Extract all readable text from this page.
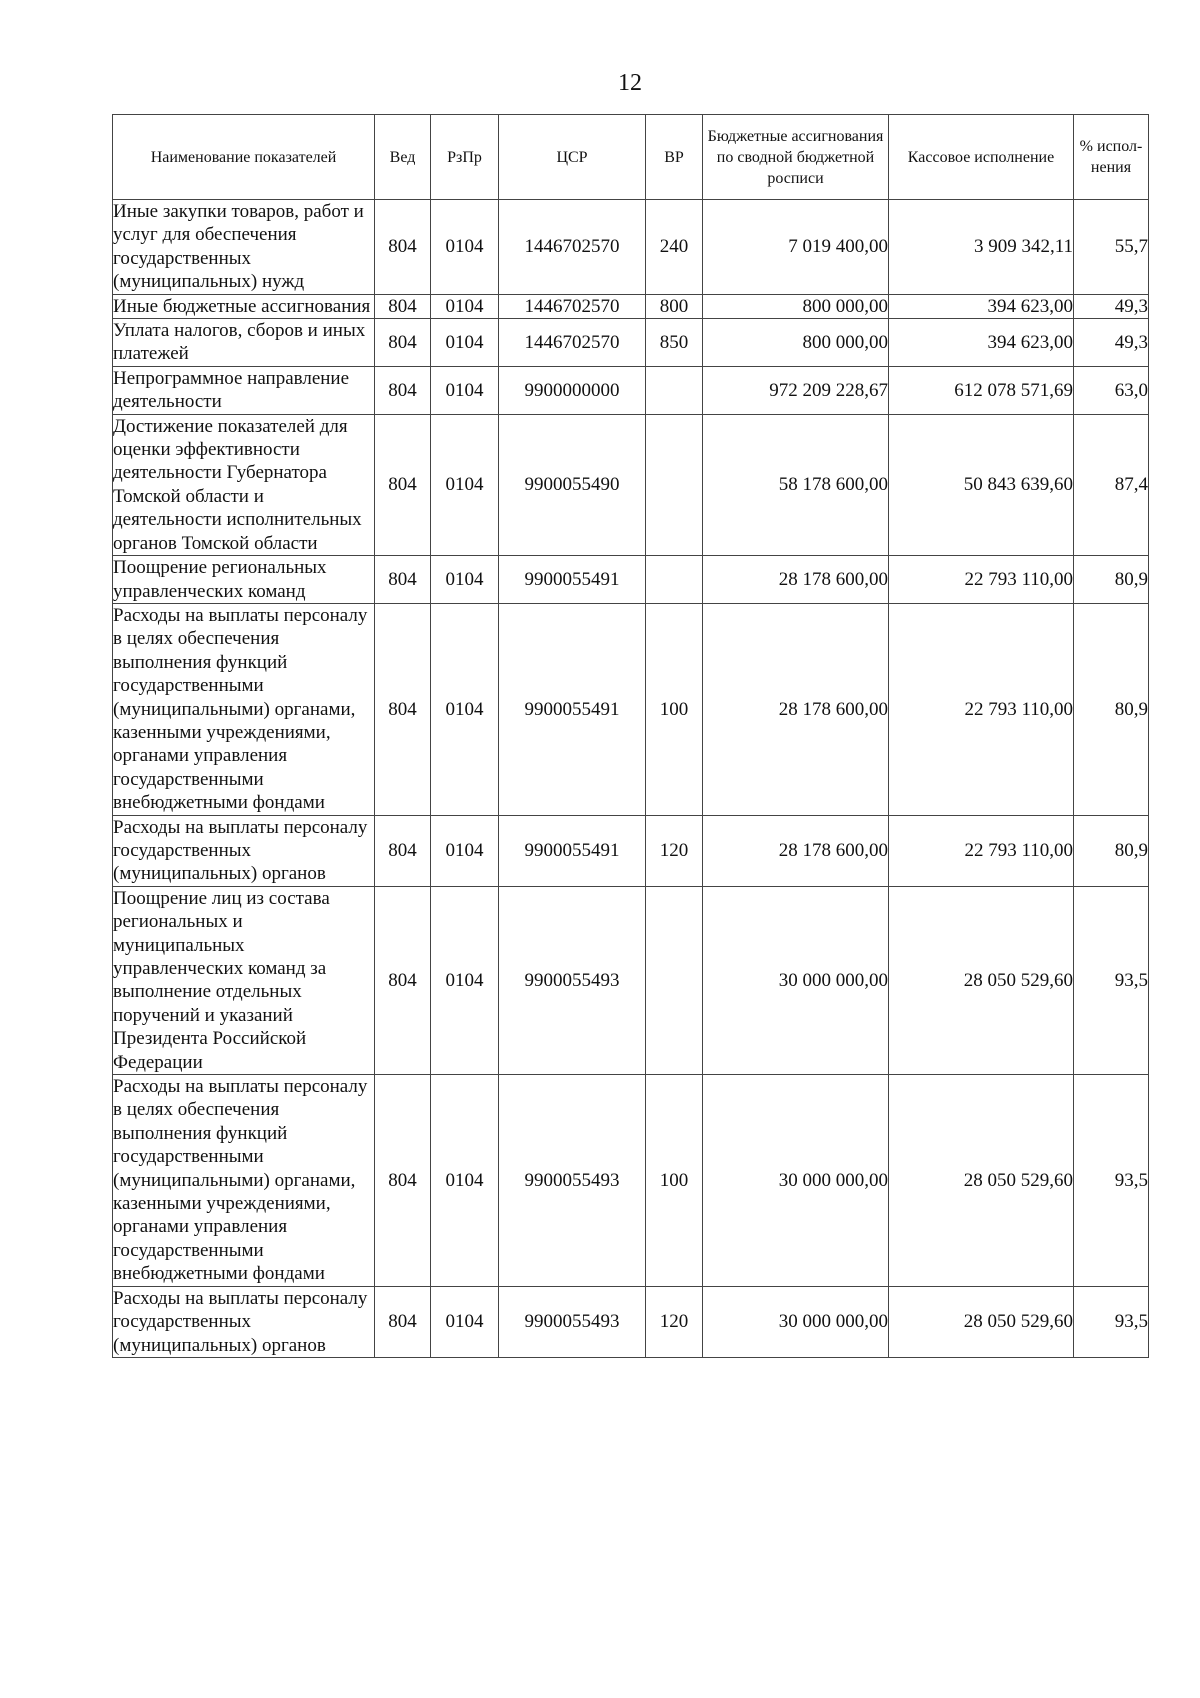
12
Наименование показателей	Вед	РзПр	ЦСР	ВР	Бюджетные ассигнования по сводной бюджетной росписи	Кассовое исполнение	% испол-нения
Иные закупки товаров, работ и услуг для обеспечения государственных (муниципальных) нужд	804	0104	1446702570	240	7 019 400,00	3 909 342,11	55,7
Иные бюджетные ассигнования	804	0104	1446702570	800	800 000,00	394 623,00	49,3
Уплата налогов, сборов и иных платежей	804	0104	1446702570	850	800 000,00	394 623,00	49,3
Непрограммное направление деятельности	804	0104	9900000000		972 209 228,67	612 078 571,69	63,0
Достижение показателей для оценки эффективности деятельности Губернатора Томской области и деятельности исполнительных органов Томской области	804	0104	9900055490		58 178 600,00	50 843 639,60	87,4
Поощрение региональных управленческих команд	804	0104	9900055491		28 178 600,00	22 793 110,00	80,9
Расходы на выплаты персоналу в целях обеспечения выполнения функций государственными (муниципальными) органами, казенными учреждениями, органами управления государственными внебюджетными фондами	804	0104	9900055491	100	28 178 600,00	22 793 110,00	80,9
Расходы на выплаты персоналу государственных (муниципальных) органов	804	0104	9900055491	120	28 178 600,00	22 793 110,00	80,9
Поощрение лиц из состава региональных и муниципальных управленческих команд за выполнение отдельных поручений и указаний Президента Российской Федерации	804	0104	9900055493		30 000 000,00	28 050 529,60	93,5
Расходы на выплаты персоналу в целях обеспечения выполнения функций государственными (муниципальными) органами, казенными учреждениями, органами управления государственными внебюджетными фондами	804	0104	9900055493	100	30 000 000,00	28 050 529,60	93,5
Расходы на выплаты персоналу государственных (муниципальных) органов	804	0104	9900055493	120	30 000 000,00	28 050 529,60	93,5
